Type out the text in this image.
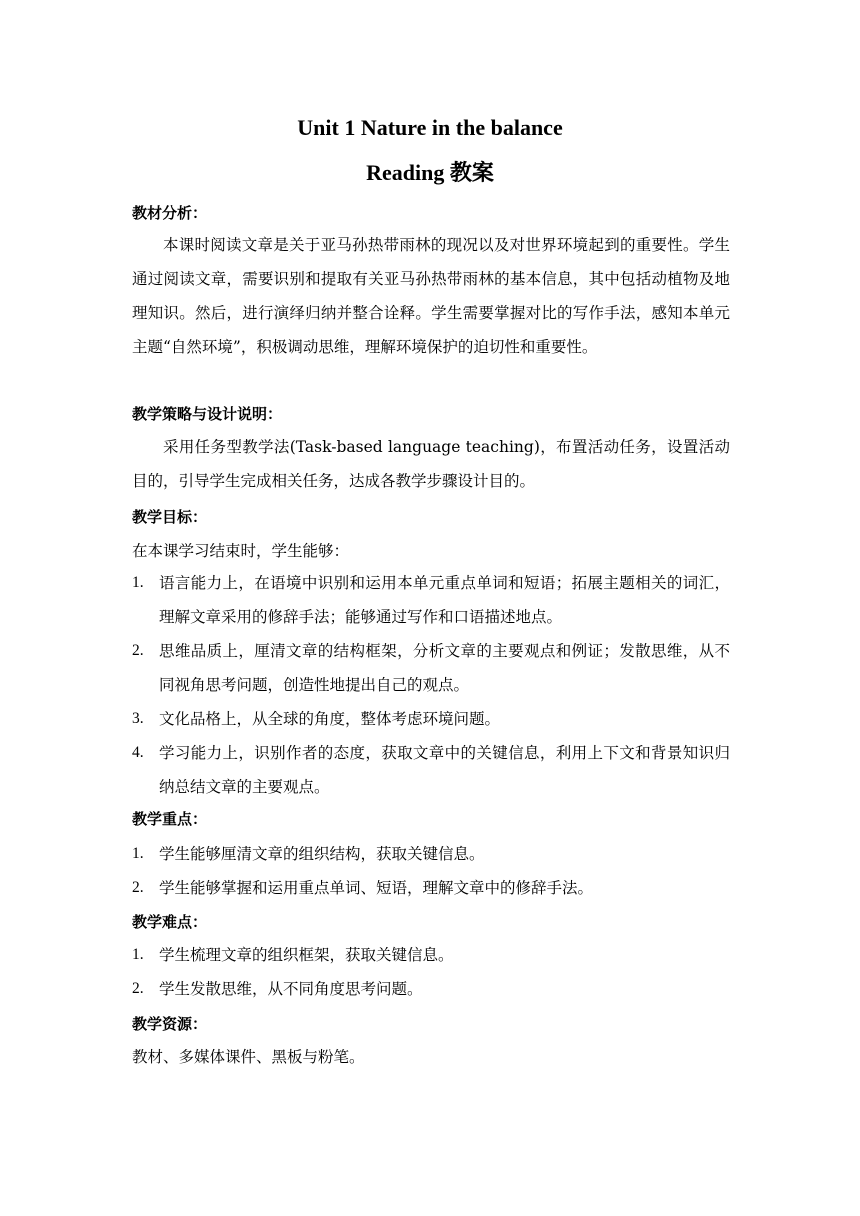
Unit 1 Nature in the balance
Reading 教案
教材分析：
本课时阅读文章是关于亚马孙热带雨林的现况以及对世界环境起到的重要性。学生通过阅读文章，需要识别和提取有关亚马孙热带雨林的基本信息，其中包括动植物及地理知识。然后，进行演绎归纳并整合诠释。学生需要掌握对比的写作手法，感知本单元主题“自然环境”，积极调动思维，理解环境保护的迫切性和重要性。
教学策略与设计说明：
采用任务型教学法(Task-based language teaching)，布置活动任务，设置活动目的，引导学生完成相关任务，达成各教学步骤设计目的。
教学目标：
在本课学习结束时，学生能够：
1. 语言能力上，在语境中识别和运用本单元重点单词和短语；拓展主题相关的词汇，理解文章采用的修辞手法；能够通过写作和口语描述地点。
2. 思维品质上，厘清文章的结构框架，分析文章的主要观点和例证；发散思维，从不同视角思考问题，创造性地提出自己的观点。
3. 文化品格上，从全球的角度，整体考虑环境问题。
4. 学习能力上，识别作者的态度，获取文章中的关键信息，利用上下文和背景知识归纳总结文章的主要观点。
教学重点：
1. 学生能够厘清文章的组织结构，获取关键信息。
2. 学生能够掌握和运用重点单词、短语，理解文章中的修辞手法。
教学难点：
1. 学生梳理文章的组织框架，获取关键信息。
2. 学生发散思维，从不同角度思考问题。
教学资源：
教材、多媒体课件、黑板与粉笔。
